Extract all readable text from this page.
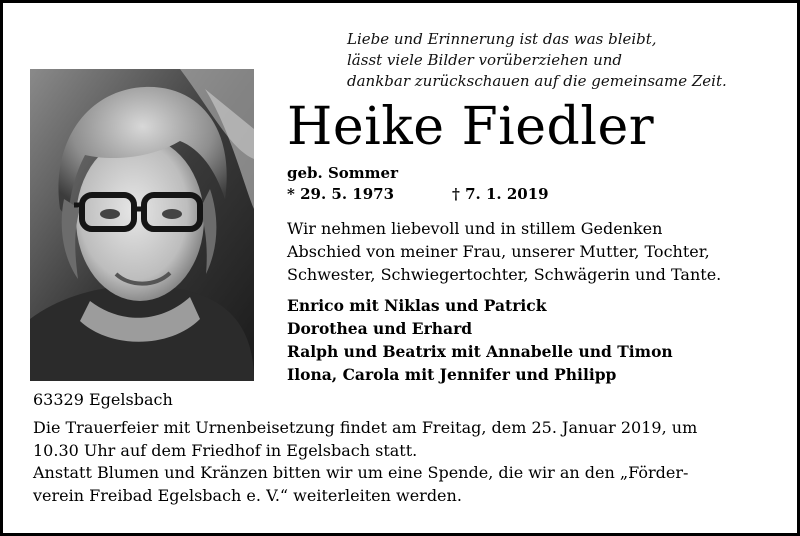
Liebe und Erinnerung ist das was bleibt,
lässt viele Bilder vorüberziehen und
dankbar zurückschauen auf die gemeinsame Zeit.
Heike Fiedler
geb. Sommer
* 29. 5. 1973	† 7. 1. 2019
Wir nehmen liebevoll und in stillem Gedenken
Abschied von meiner Frau, unserer Mutter, Tochter,
Schwester, Schwiegertochter, Schwägerin und Tante.
Enrico mit Niklas und Patrick
Dorothea und Erhard
Ralph und Beatrix mit Annabelle und Timon
Ilona, Carola mit Jennifer und Philipp
63329 Egelsbach
Die Trauerfeier mit Urnenbeisetzung findet am Freitag, dem 25. Januar 2019, um
10.30 Uhr auf dem Friedhof in Egelsbach statt.
Anstatt Blumen und Kränzen bitten wir um eine Spende, die wir an den „Förder-
verein Freibad Egelsbach e. V.“ weiterleiten werden.
